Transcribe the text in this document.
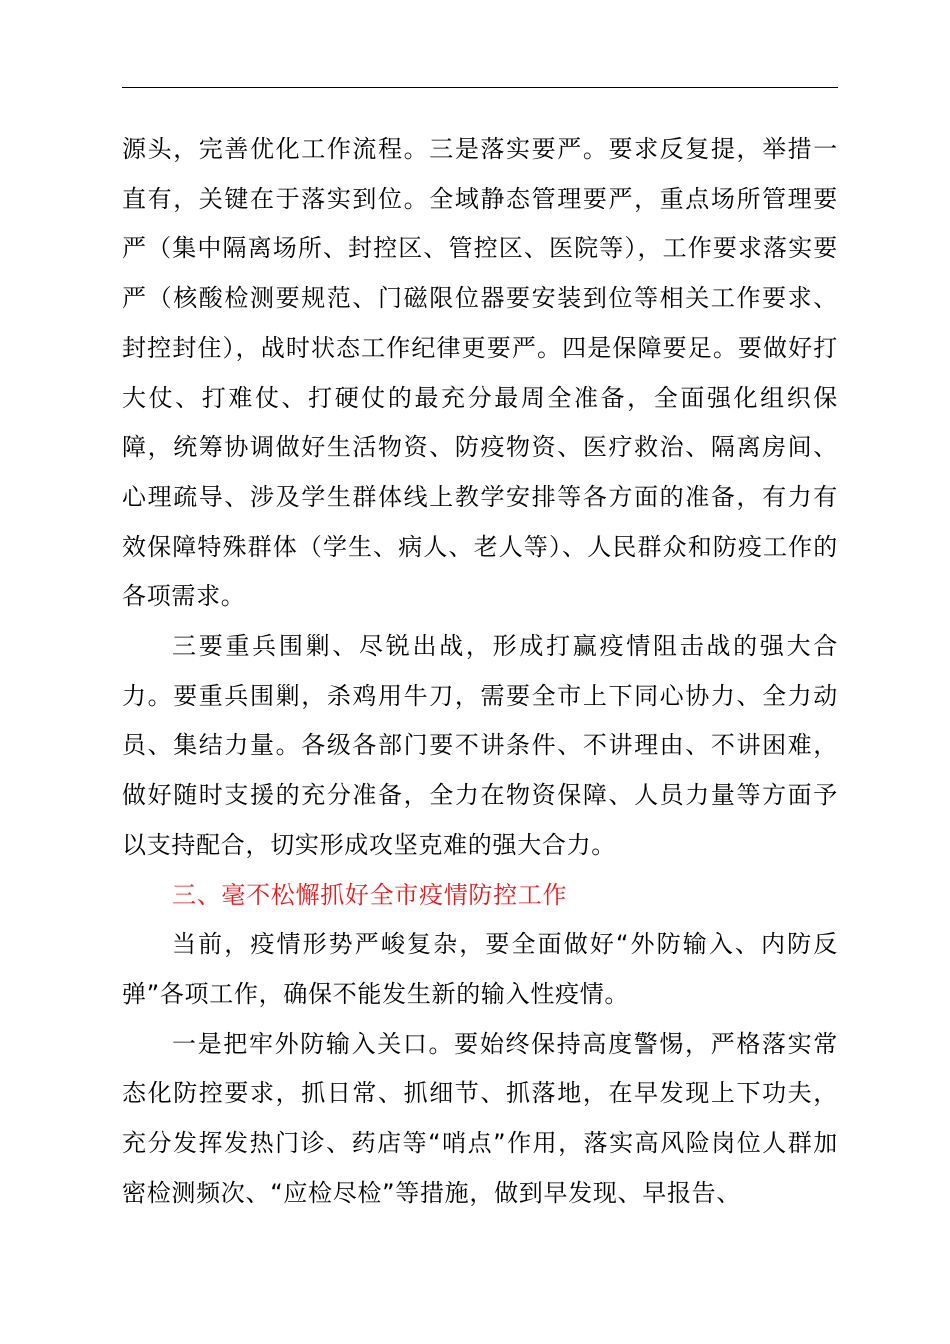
源头，完善优化工作流程。三是落实要严。要求反复提，举措一直有，关键在于落实到位。全域静态管理要严，重点场所管理要严（集中隔离场所、封控区、管控区、医院等），工作要求落实要严（核酸检测要规范、门磁限位器要安装到位等相关工作要求、封控封住），战时状态工作纪律更要严。四是保障要足。要做好打大仗、打难仗、打硬仗的最充分最周全准备，全面强化组织保障，统筹协调做好生活物资、防疫物资、医疗救治、隔离房间、心理疏导、涉及学生群体线上教学安排等各方面的准备，有力有效保障特殊群体（学生、病人、老人等）、人民群众和防疫工作的各项需求。

三要重兵围剿、尽锐出战，形成打赢疫情阻击战的强大合力。要重兵围剿，杀鸡用牛刀，需要全市上下同心协力、全力动员、集结力量。各级各部门要不讲条件、不讲理由、不讲困难，做好随时支援的充分准备，全力在物资保障、人员力量等方面予以支持配合，切实形成攻坚克难的强大合力。

三、毫不松懈抓好全市疫情防控工作

当前，疫情形势严峻复杂，要全面做好“外防输入、内防反弹”各项工作，确保不能发生新的输入性疫情。

一是把牢外防输入关口。要始终保持高度警惕，严格落实常态化防控要求，抓日常、抓细节、抓落地，在早发现上下功夫，充分发挥发热门诊、药店等“哨点”作用，落实高风险岗位人群加密检测频次、“应检尽检”等措施，做到早发现、早报告、
